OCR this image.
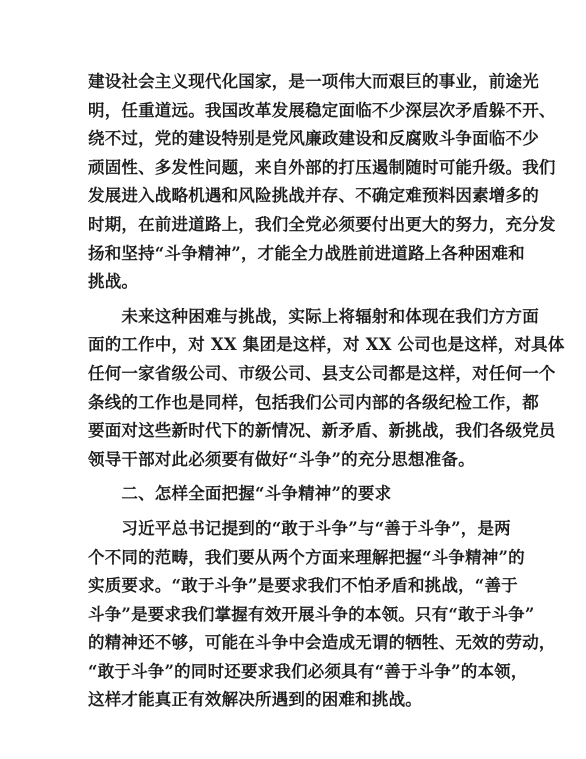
建设社会主义现代化国家，是一项伟大而艰巨的事业，前途光
明，任重道远。我国改革发展稳定面临不少深层次矛盾躲不开、
绕不过，党的建设特别是党风廉政建设和反腐败斗争面临不少
顽固性、多发性问题，来自外部的打压遏制随时可能升级。我们
发展进入战略机遇和风险挑战并存、不确定难预料因素增多的
时期，在前进道路上，我们全党必须要付出更大的努力，充分发
扬和坚持“斗争精神”，才能全力战胜前进道路上各种困难和
挑战。
　　未来这种困难与挑战，实际上将辐射和体现在我们方方面
面的工作中，对 XX 集团是这样，对 XX 公司也是这样，对具体
任何一家省级公司、市级公司、县支公司都是这样，对任何一个
条线的工作也是同样，包括我们公司内部的各级纪检工作，都
要面对这些新时代下的新情况、新矛盾、新挑战，我们各级党员
领导干部对此必须要有做好“斗争”的充分思想准备。
　　二、怎样全面把握“斗争精神”的要求
　　习近平总书记提到的“敢于斗争”与“善于斗争”，是两
个不同的范畴，我们要从两个方面来理解把握“斗争精神”的
实质要求。“敢于斗争”是要求我们不怕矛盾和挑战，“善于
斗争”是要求我们掌握有效开展斗争的本领。只有“敢于斗争”
的精神还不够，可能在斗争中会造成无谓的牺牲、无效的劳动，
“敢于斗争”的同时还要求我们必须具有“善于斗争”的本领，
这样才能真正有效解决所遇到的困难和挑战。
